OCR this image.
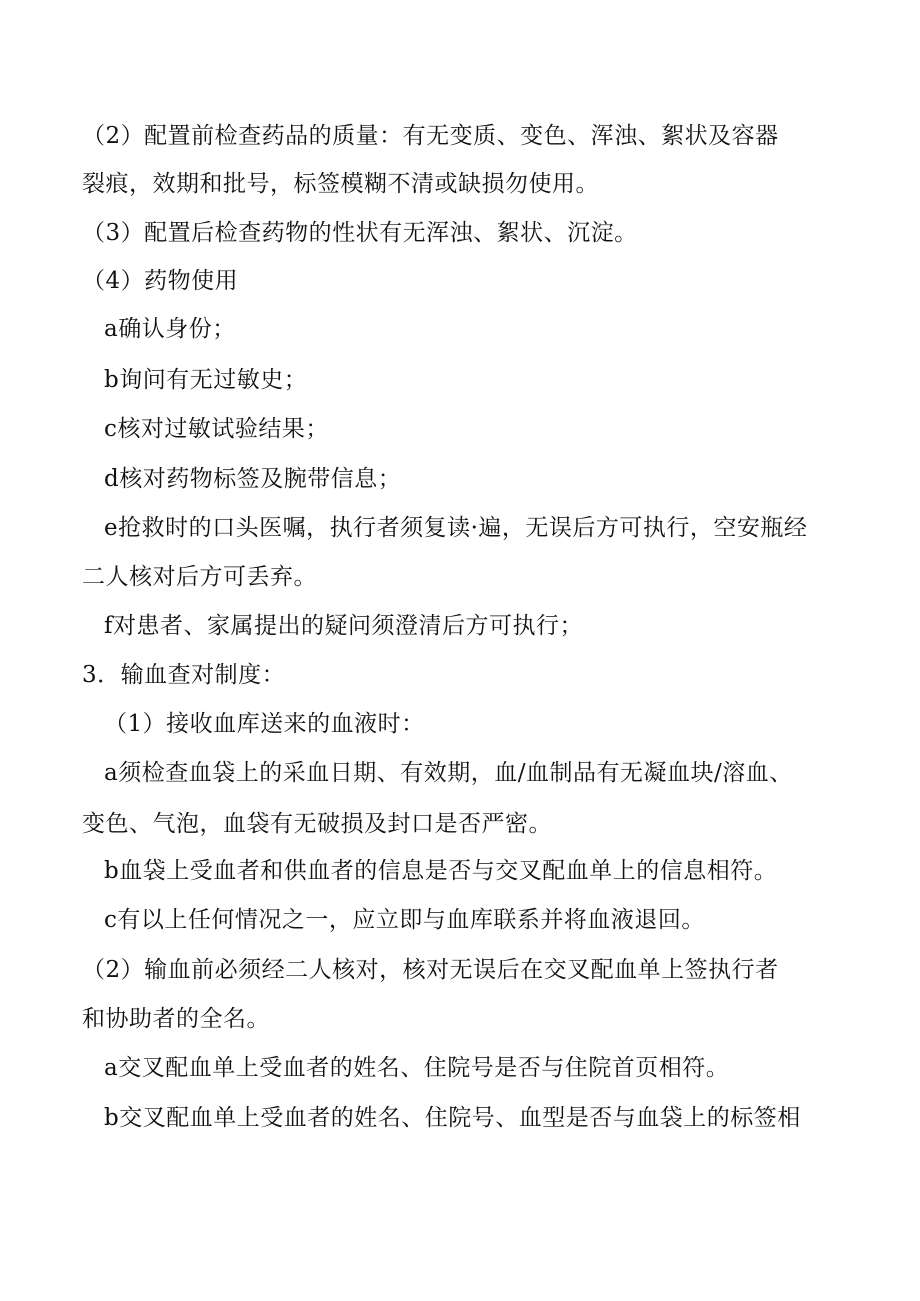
（2）配置前检查药品的质量：有无变质、变色、浑浊、絮状及容器
裂痕，效期和批号，标签模糊不清或缺损勿使用。
（3）配置后检查药物的性状有无浑浊、絮状、沉淀。
（4）药物使用
a确认身份；
b询问有无过敏史；
c核对过敏试验结果；
d核对药物标签及腕带信息；
e抢救时的口头医嘱，执行者须复读·遍，无误后方可执行，空安瓶经
二人核对后方可丢弃。
f对患者、家属提出的疑问须澄清后方可执行；
3．输血查对制度：
（1）接收血库送来的血液时：
a须检查血袋上的采血日期、有效期，血/血制品有无凝血块/溶血、
变色、气泡，血袋有无破损及封口是否严密。
b血袋上受血者和供血者的信息是否与交叉配血单上的信息相符。
c有以上任何情况之一，应立即与血库联系并将血液退回。
（2）输血前必须经二人核对，核对无误后在交叉配血单上签执行者
和协助者的全名。
a交叉配血单上受血者的姓名、住院号是否与住院首页相符。
b交叉配血单上受血者的姓名、住院号、血型是否与血袋上的标签相
